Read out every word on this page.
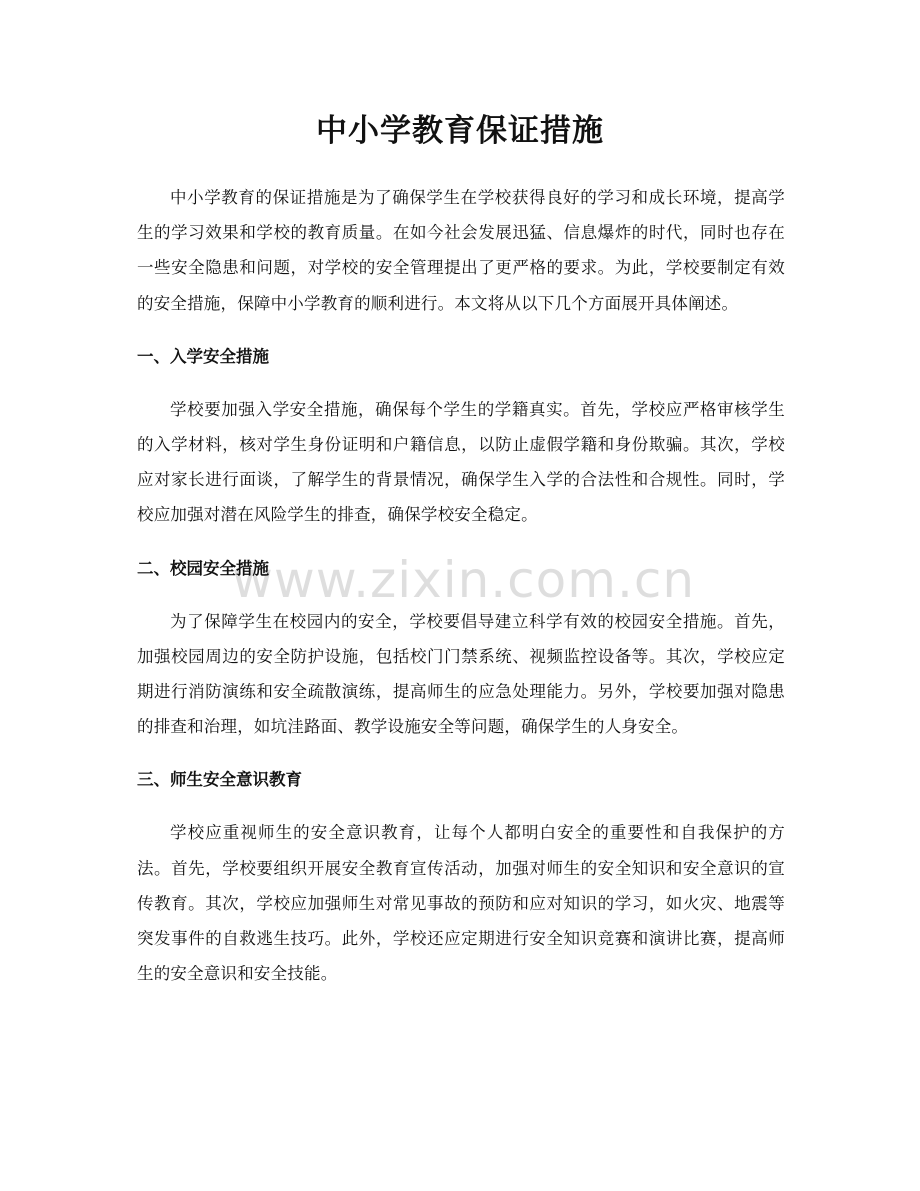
中小学教育保证措施

中小学教育的保证措施是为了确保学生在学校获得良好的学习和成长环境，提高学生的学习效果和学校的教育质量。在如今社会发展迅猛、信息爆炸的时代，同时也存在一些安全隐患和问题，对学校的安全管理提出了更严格的要求。为此，学校要制定有效的安全措施，保障中小学教育的顺利进行。本文将从以下几个方面展开具体阐述。

一、入学安全措施

学校要加强入学安全措施，确保每个学生的学籍真实。首先，学校应严格审核学生的入学材料，核对学生身份证明和户籍信息，以防止虚假学籍和身份欺骗。其次，学校应对家长进行面谈，了解学生的背景情况，确保学生入学的合法性和合规性。同时，学校应加强对潜在风险学生的排查，确保学校安全稳定。

二、校园安全措施

为了保障学生在校园内的安全，学校要倡导建立科学有效的校园安全措施。首先，加强校园周边的安全防护设施，包括校门门禁系统、视频监控设备等。其次，学校应定期进行消防演练和安全疏散演练，提高师生的应急处理能力。另外，学校要加强对隐患的排查和治理，如坑洼路面、教学设施安全等问题，确保学生的人身安全。

三、师生安全意识教育

学校应重视师生的安全意识教育，让每个人都明白安全的重要性和自我保护的方法。首先，学校要组织开展安全教育宣传活动，加强对师生的安全知识和安全意识的宣传教育。其次，学校应加强师生对常见事故的预防和应对知识的学习，如火灾、地震等突发事件的自救逃生技巧。此外，学校还应定期进行安全知识竞赛和演讲比赛，提高师生的安全意识和安全技能。

www.zixin.com.cn
